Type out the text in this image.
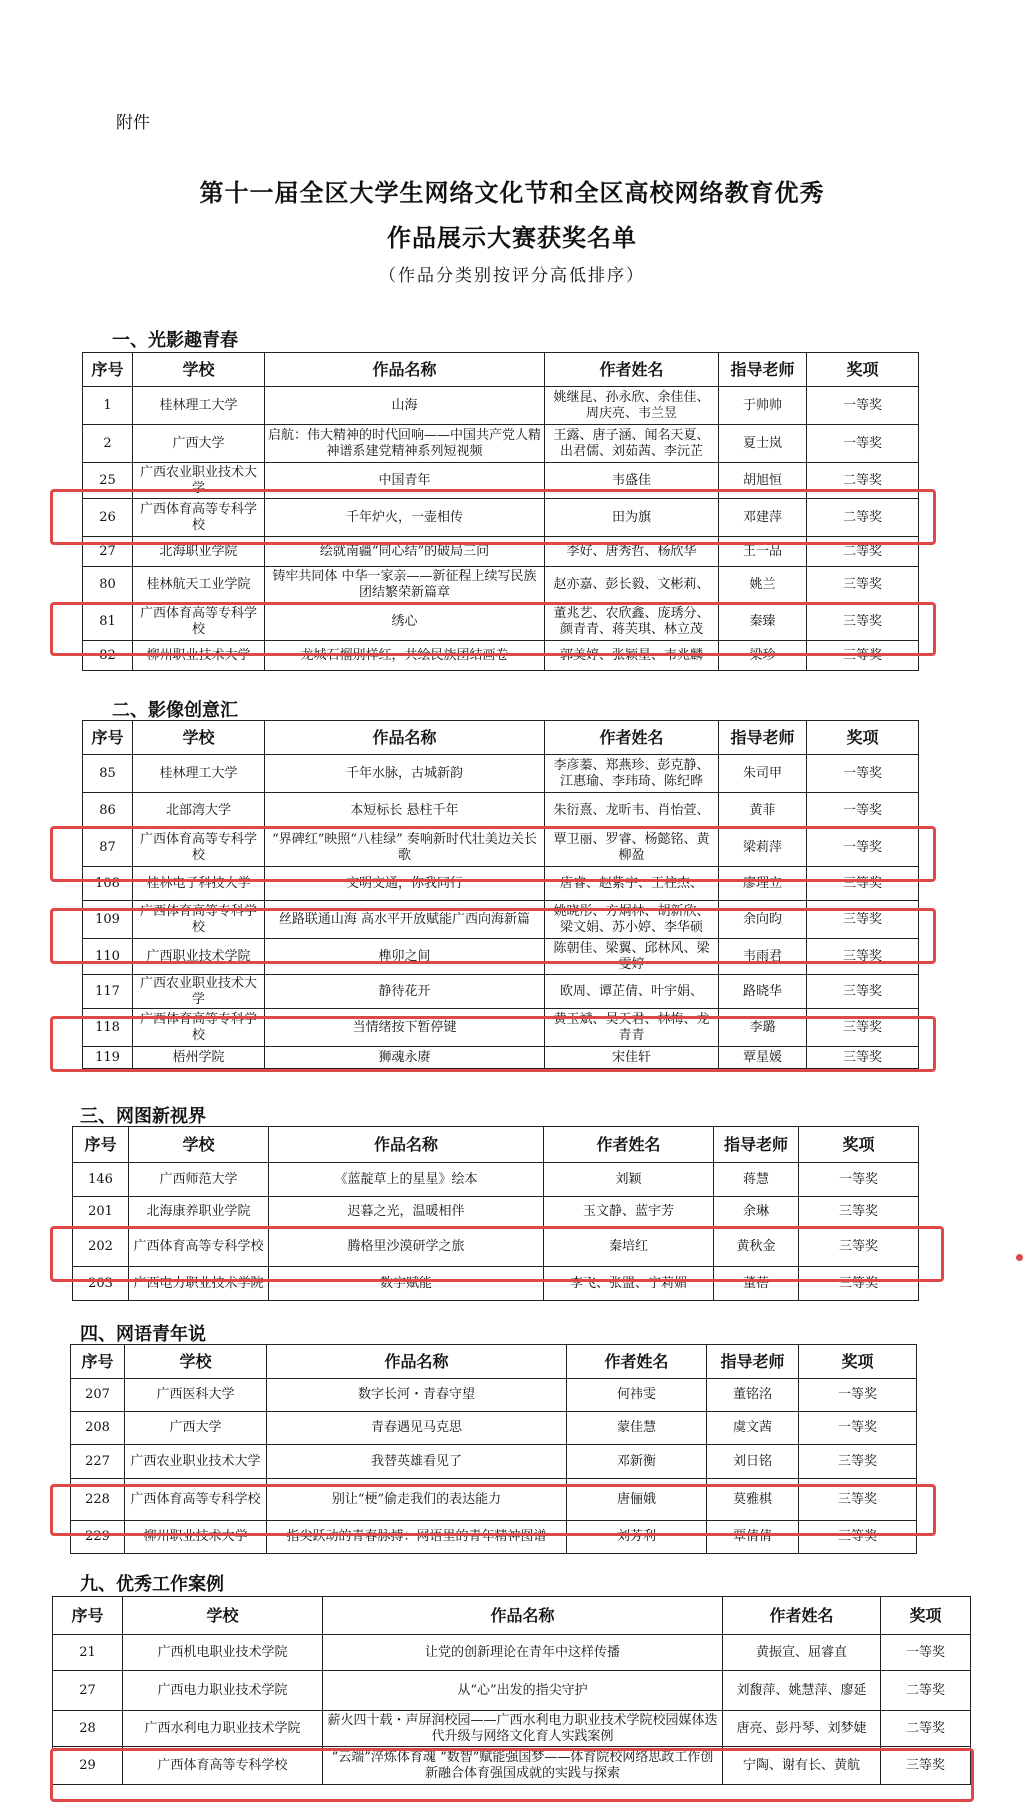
附件
第十一届全区大学生网络文化节和全区高校网络教育优秀
作品展示大赛获奖名单
（作品分类别按评分高低排序）
一、光影趣青春
序号	学校	作品名称	作者姓名	指导老师	奖项
1	桂林理工大学	山海	姚继昆、孙永欣、余佳佳、周庆亮、韦兰昱	于帅帅	一等奖
2	广西大学	启航：伟大精神的时代回响——中国共产党人精神谱系建党精神系列短视频	王露、唐子涵、闻名天夏、出君儒、刘茹茜、李沅芷	夏士岚	一等奖
25	广西农业职业技术大学	中国青年	韦盛佳	胡旭恒	二等奖
26	广西体育高等专科学校	千年炉火，一壶相传	田为旗	邓建萍	二等奖
27	北海职业学院	绘就南疆“同心结”的破局三问	李好、唐秀哲、杨欣华	王一品	二等奖
80	桂林航天工业学院	铸牢共同体 中华一家亲——新征程上续写民族团结繁荣新篇章	赵亦嘉、彭长毅、文彬莉、	姚兰	三等奖
81	广西体育高等专科学校	绣心	董兆艺、农欣鑫、庞琇分、颜青青、蒋芙琪、林立茂	秦臻	三等奖
82	柳州职业技术大学	龙城石榴别样红，共绘民族团结画卷	郭美婷、张颖星、韦兆麟	梁珍	三等奖
二、影像创意汇
序号	学校	作品名称	作者姓名	指导老师	奖项
85	桂林理工大学	千年水脉，古城新韵	李彦蓁、郑燕珍、彭克静、江惠瑜、李玮琦、陈纪晔	朱司甲	一等奖
86	北部湾大学	本短标长 悬柱千年	朱衍熹、龙昕韦、肖怡萱、	黄菲	一等奖
87	广西体育高等专科学校	“界碑红”映照“八桂绿” 奏响新时代壮美边关长歌	覃卫丽、罗睿、杨懿铭、黄柳盈	梁莉萍	一等奖
108	桂林电子科技大学	文明交通，你我同行	唐睿、赵紫宇、王柱杰、	廖理立	三等奖
109	广西体育高等专科学校	丝路联通山海 高水平开放赋能广西向海新篇	姚晓彤、方炯林、胡新欣、梁文娟、苏小婷、李华硕	余向昀	三等奖
110	广西职业技术学院	榫卯之间	陈朝佳、梁翼、邱林风、梁雯婷	韦雨君	三等奖
117	广西农业职业技术大学	静待花开	欧周、谭芷倩、叶宇娟、	路晓华	三等奖
118	广西体育高等专科学校	当情绪按下暂停键	黄玉斌、吴天君、林梅、龙青青	李璐	三等奖
119	梧州学院	狮魂永赓	宋佳轩	覃星媛	三等奖
三、网图新视界
序号	学校	作品名称	作者姓名	指导老师	奖项
146	广西师范大学	《蓝靛草上的星星》绘本	刘颖	蒋慧	一等奖
201	北海康养职业学院	迟暮之光，温暖相伴	玉文静、蓝宇芳	余琳	三等奖
202	广西体育高等专科学校	腾格里沙漠研学之旅	秦培红	黄秋金	三等奖
203	广西电力职业技术学院	数字赋能	李飞、张盟、宁莉媚	董蓓	三等奖
四、网语青年说
序号	学校	作品名称	作者姓名	指导老师	奖项
207	广西医科大学	数字长河・青春守望	何祎雯	董铭洺	一等奖
208	广西大学	青春遇见马克思	蒙佳慧	虞文茜	一等奖
227	广西农业职业技术大学	我替英雄看见了	邓新衡	刘日铭	三等奖
228	广西体育高等专科学校	别让“梗”偷走我们的表达能力	唐俪娥	莫雅棋	三等奖
229	柳州职业技术大学	指尖跃动的青春脉搏：网语里的青年精神图谱	刘芳利	覃倩倩	三等奖
九、优秀工作案例
序号	学校	作品名称	作者姓名	奖项
21	广西机电职业技术学院	让党的创新理论在青年中这样传播	黄振宣、屈睿直	一等奖
27	广西电力职业技术学院	从“心”出发的指尖守护	刘馥萍、姚慧萍、廖延	二等奖
28	广西水利电力职业技术学院	薪火四十载・声屏润校园——广西水利电力职业技术学院校园媒体迭代升级与网络文化育人实践案例	唐亮、彭丹琴、刘梦婕	二等奖
29	广西体育高等专科学校	“云端”淬炼体育魂 “数智”赋能强国梦——体育院校网络思政工作创新融合体育强国成就的实践与探索	宁陶、谢有长、黄航	三等奖
